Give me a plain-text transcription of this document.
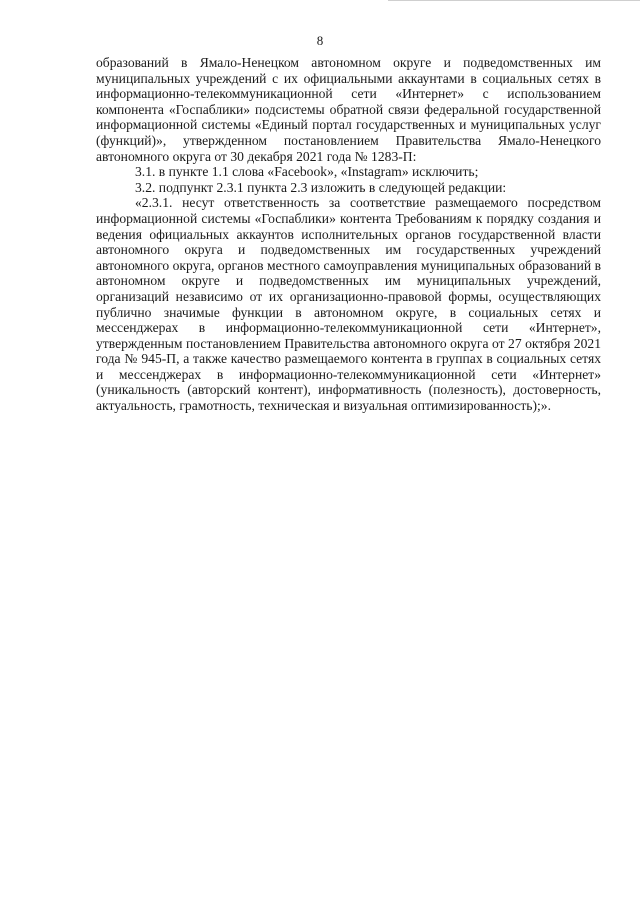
8

образований в Ямало-Ненецком автономном округе и подведомственных им муниципальных учреждений с их официальными аккаунтами в социальных сетях в информационно-телекоммуникационной сети «Интернет» с использованием компонента «Госпаблики» подсистемы обратной связи федеральной государственной информационной системы «Единый портал государственных и муниципальных услуг (функций)», утвержденном постановлением Правительства Ямало-Ненецкого автономного округа от 30 декабря 2021 года № 1283-П:

3.1. в пункте 1.1 слова «Facebook», «Instagram» исключить;

3.2. подпункт 2.3.1 пункта 2.3 изложить в следующей редакции:

«2.3.1. несут ответственность за соответствие размещаемого посредством информационной системы «Госпаблики» контента Требованиям к порядку создания и ведения официальных аккаунтов исполнительных органов государственной власти автономного округа и подведомственных им государственных учреждений автономного округа, органов местного самоуправления муниципальных образований в автономном округе и подведомственных им муниципальных учреждений, организаций независимо от их организационно-правовой формы, осуществляющих публично значимые функции в автономном округе, в социальных сетях и мессенджерах в информационно-телекоммуникационной сети «Интернет», утвержденным постановлением Правительства автономного округа от 27 октября 2021 года № 945-П, а также качество размещаемого контента в группах в социальных сетях и мессенджерах в информационно-телекоммуникационной сети «Интернет» (уникальность (авторский контент), информативность (полезность), достоверность, актуальность, грамотность, техническая и визуальная оптимизированность);».
